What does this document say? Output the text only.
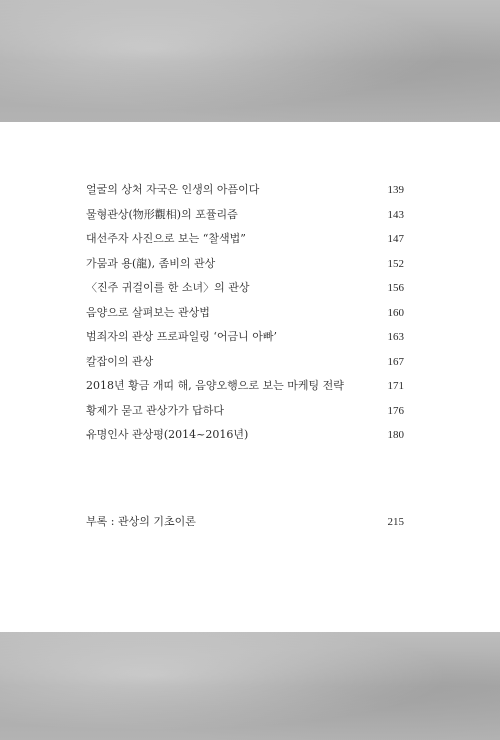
얼굴의 상처 자국은 인생의 아픔이다	139
물형관상(物形觀相)의 포퓰리즘	143
대선주자 사진으로 보는 “찰색법”	147
가뭄과 용(龍), 좀비의 관상	152
〈진주 귀걸이를 한 소녀〉의 관상	156
음양으로 살펴보는 관상법	160
범죄자의 관상 프로파일링 ‘어금니 아빠’	163
칼잡이의 관상	167
2018년 황금 개띠 해, 음양오행으로 보는 마케팅 전략	171
황제가 묻고 관상가가 답하다	176
유명인사 관상평(2014~2016년)	180
부록 : 관상의 기초이론	215
